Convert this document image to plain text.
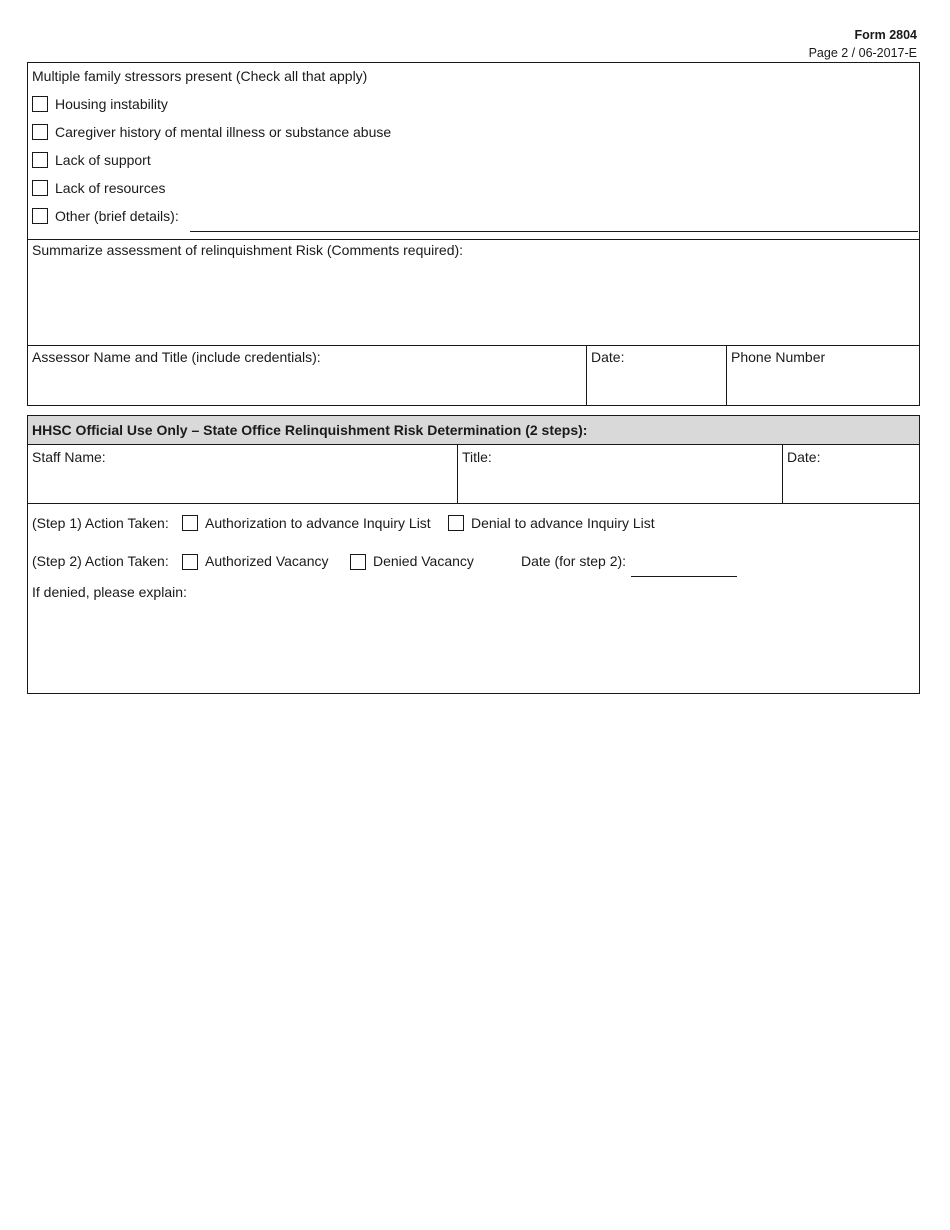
Form 2804
Page 2 / 06-2017-E
Multiple family stressors present (Check all that apply)
Housing instability
Caregiver history of mental illness or substance abuse
Lack of support
Lack of resources
Other (brief details):
Summarize assessment of relinquishment Risk (Comments required):
Assessor Name and Title (include credentials):	Date:	Phone Number
HHSC Official Use Only – State Office Relinquishment Risk Determination (2 steps):
Staff Name:	Title:	Date:
(Step 1) Action Taken:	Authorization to advance Inquiry List	Denial to advance Inquiry List
(Step 2) Action Taken:	Authorized Vacancy	Denied Vacancy	Date (for step 2):
If denied, please explain:
